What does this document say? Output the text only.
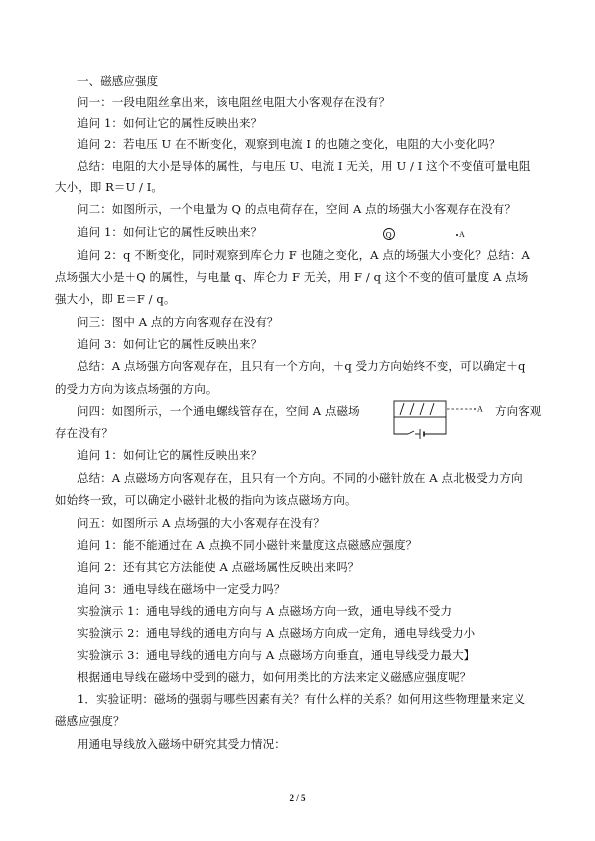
一、磁感应强度
问一：一段电阻丝拿出来，该电阻丝电阻大小客观存在没有？
追问 1：如何让它的属性反映出来？
追问 2：若电压 U 在不断变化，观察到电流 I 的也随之变化，电阻的大小变化吗？
总结：电阻的大小是导体的属性，与电压 U、电流 I 无关，用 U / I 这个不变值可量电阻
大小，即 R＝U / I。
问二：如图所示，一个电量为 Q 的点电荷存在，空间 A 点的场强大小客观存在没有？
追问 1：如何让它的属性反映出来？	Q	A
追问 2：q 不断变化，同时观察到库仑力 F 也随之变化，A 点的场强大小变化？总结：A
点场强大小是＋Q 的属性，与电量 q、库仑力 F 无关，用 F / q 这个不变的值可量度 A 点场
强大小，即 E＝F / q。
问三：图中 A 点的方向客观存在没有？
追问 3：如何让它的属性反映出来？
总结：A 点场强方向客观存在，且只有一个方向，＋q 受力方向始终不变，可以确定＋q
的受力方向为该点场强的方向。
问四：如图所示，一个通电螺线管存在，空间 A 点磁场	A 方向客观
存在没有？
追问 1：如何让它的属性反映出来？
总结：A 点磁场方向客观存在，且只有一个方向。不同的小磁针放在 A 点北极受力方向
如始终一致，可以确定小磁针北极的指向为该点磁场方向。
问五：如图所示 A 点场强的大小客观存在没有？
追问 1：能不能通过在 A 点换不同小磁针来量度这点磁感应强度？
追问 2：还有其它方法能使 A 点磁场属性反映出来吗？
追问 3：通电导线在磁场中一定受力吗？
实验演示 1：通电导线的通电方向与 A 点磁场方向一致，通电导线不受力
实验演示 2：通电导线的通电方向与 A 点磁场方向成一定角，通电导线受力小
实验演示 3：通电导线的通电方向与 A 点磁场方向垂直，通电导线受力最大】
根据通电导线在磁场中受到的磁力，如何用类比的方法来定义磁感应强度呢？
1．实验证明：磁场的强弱与哪些因素有关？有什么样的关系？如何用这些物理量来定义
磁感应强度？
用通电导线放入磁场中研究其受力情况：
2 / 5
